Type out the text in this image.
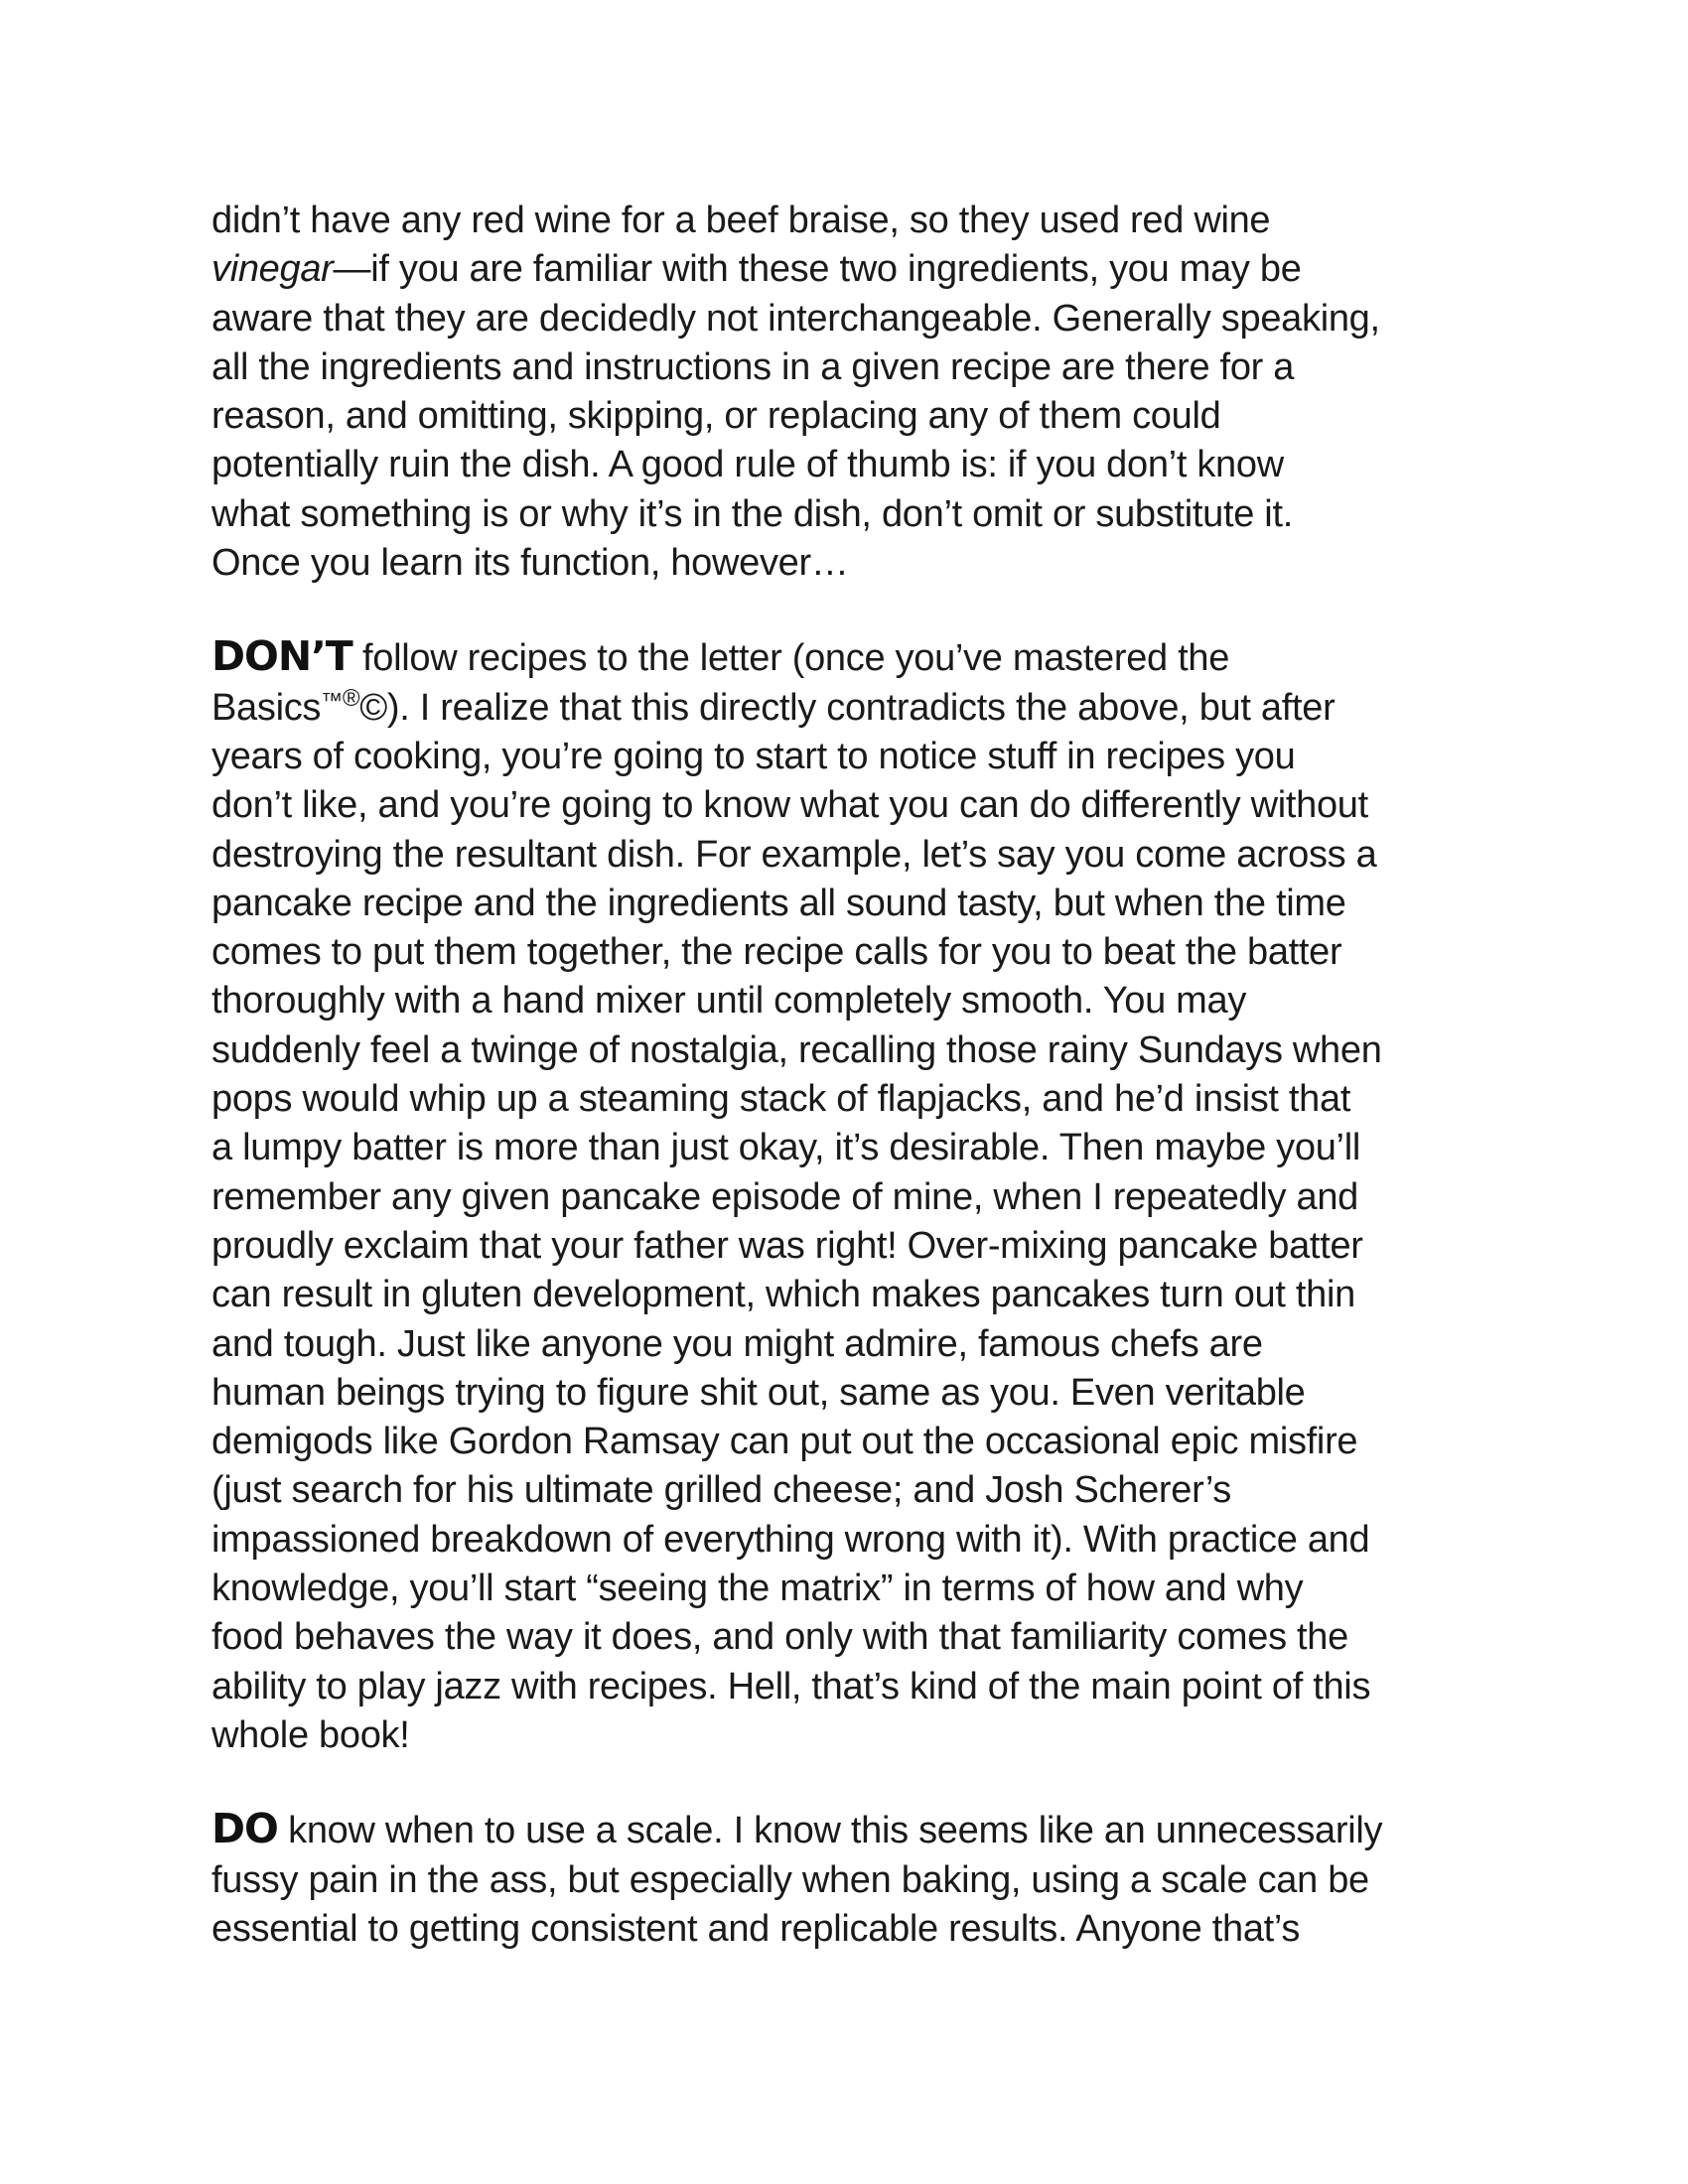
didn’t have any red wine for a beef braise, so they used red wine
vinegar—if you are familiar with these two ingredients, you may be
aware that they are decidedly not interchangeable. Generally speaking,
all the ingredients and instructions in a given recipe are there for a
reason, and omitting, skipping, or replacing any of them could
potentially ruin the dish. A good rule of thumb is: if you don’t know
what something is or why it’s in the dish, don’t omit or substitute it.
Once you learn its function, however…

DON’T follow recipes to the letter (once you’ve mastered the
Basics™®©). I realize that this directly contradicts the above, but after
years of cooking, you’re going to start to notice stuff in recipes you
don’t like, and you’re going to know what you can do differently without
destroying the resultant dish. For example, let’s say you come across a
pancake recipe and the ingredients all sound tasty, but when the time
comes to put them together, the recipe calls for you to beat the batter
thoroughly with a hand mixer until completely smooth. You may
suddenly feel a twinge of nostalgia, recalling those rainy Sundays when
pops would whip up a steaming stack of flapjacks, and he’d insist that
a lumpy batter is more than just okay, it’s desirable. Then maybe you’ll
remember any given pancake episode of mine, when I repeatedly and
proudly exclaim that your father was right! Over-mixing pancake batter
can result in gluten development, which makes pancakes turn out thin
and tough. Just like anyone you might admire, famous chefs are
human beings trying to figure shit out, same as you. Even veritable
demigods like Gordon Ramsay can put out the occasional epic misfire
(just search for his ultimate grilled cheese; and Josh Scherer’s
impassioned breakdown of everything wrong with it). With practice and
knowledge, you’ll start “seeing the matrix” in terms of how and why
food behaves the way it does, and only with that familiarity comes the
ability to play jazz with recipes. Hell, that’s kind of the main point of this
whole book!

DO know when to use a scale. I know this seems like an unnecessarily
fussy pain in the ass, but especially when baking, using a scale can be
essential to getting consistent and replicable results. Anyone that’s
